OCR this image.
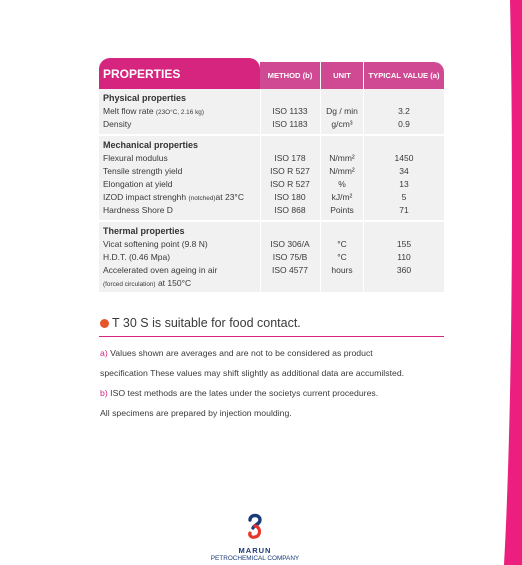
PROPERTIES	METHOD (b)	UNIT	TYPICAL VALUE (a)
Physical properties
Melt flow rate (23O°C, 2.16 kg)	ISO 1133	Dg / min	3.2
Density	ISO 1183	g/cm³	0.9
Mechanical properties
Flexural modulus	ISO 178	N/mm²	1450
Tensile strength yield	ISO R 527	N/mm²	34
Elongation at yield	ISO R 527	%	13
IZOD impact strenghh (notched)at 23°C	ISO 180	kJ/m²	5
Hardness Shore D	ISO 868	Points	71
Thermal properties
Vicat softening point (9.8 N)	ISO 306/A	°C	155
H.D.T. (0.46 Mpa)	ISO 75/B	°C	110
Accelerated oven ageing in air	ISO 4577	hours	360
(forced circulation) at 150°C
T 30 S is suitable for food contact.
a) Values shown are averages and are not to be considered as product
specification These values may shift slightly as additional data are accumilsted.
b) ISO test methods are the lates under the societys current procedures.
All specimens are prepared by injection moulding.
MARUN
PETROCHEMICAL COMPANY
